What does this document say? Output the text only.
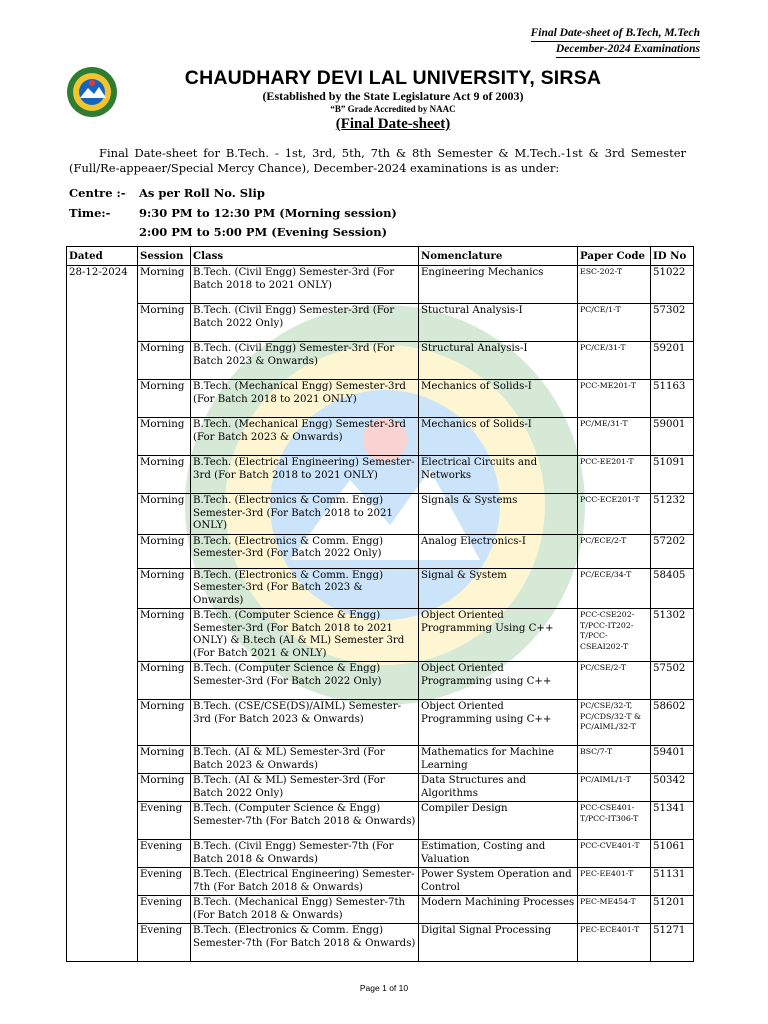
Final Date-sheet of B.Tech, M.Tech
December-2024 Examinations
CHAUDHARY DEVI LAL UNIVERSITY, SIRSA
(Established by the State Legislature Act 9 of 2003)
“B” Grade Accredited by NAAC
(Final Date-sheet)
Final Date-sheet for B.Tech. - 1st, 3rd, 5th, 7th & 8th Semester & M.Tech.-1st & 3rd Semester (Full/Re-appeaer/Special Mercy Chance), December-2024 examinations is as under:
Centre :- As per Roll No. Slip
Time:- 9:30 PM to 12:30 PM (Morning session)
2:00 PM to 5:00 PM (Evening Session)
Dated	Session	Class	Nomenclature	Paper Code	ID No
28-12-2024	Morning	B.Tech. (Civil Engg) Semester-3rd (For Batch 2018 to 2021 ONLY)	Engineering Mechanics	ESC-202-T	51022
	Morning	B.Tech. (Civil Engg) Semester-3rd (For Batch 2022 Only)	Stuctural Analysis-I	PC/CE/1-T	57302
	Morning	B.Tech. (Civil Engg) Semester-3rd (For Batch 2023 & Onwards)	Structural Analysis-I	PC/CE/31-T	59201
	Morning	B.Tech. (Mechanical Engg) Semester-3rd (For Batch 2018 to 2021 ONLY)	Mechanics of Solids-I	PCC-ME201-T	51163
	Morning	B.Tech. (Mechanical Engg) Semester-3rd (For Batch 2023 & Onwards)	Mechanics of Solids-I	PC/ME/31-T	59001
	Morning	B.Tech. (Electrical Engineering) Semester-3rd (For Batch 2018 to 2021 ONLY)	Electrical Circuits and Networks	PCC-EE201-T	51091
	Morning	B.Tech. (Electronics & Comm. Engg) Semester-3rd (For Batch 2018 to 2021 ONLY)	Signals & Systems	PCC-ECE201-T	51232
	Morning	B.Tech. (Electronics & Comm. Engg) Semester-3rd (For Batch 2022 Only)	Analog Electronics-I	PC/ECE/2-T	57202
	Morning	B.Tech. (Electronics & Comm. Engg) Semester-3rd (For Batch 2023 & Onwards)	Signal & System	PC/ECE/34-T	58405
	Morning	B.Tech. (Computer Science & Engg) Semester-3rd (For Batch 2018 to 2021 ONLY) & B.tech (AI & ML) Semester 3rd (For Batch 2021 & ONLY)	Object Oriented Programming Using C++	PCC-CSE202-T/PCC-IT202-T/PCC-CSEAI202-T	51302
	Morning	B.Tech. (Computer Science & Engg) Semester-3rd (For Batch 2022 Only)	Object Oriented Programming using C++	PC/CSE/2-T	57502
	Morning	B.Tech. (CSE/CSE(DS)/AIML) Semester-3rd (For Batch 2023 & Onwards)	Object Oriented Programming using C++	PC/CSE/32-T, PC/CDS/32-T & PC/AIML/32-T	58602
	Morning	B.Tech. (AI & ML) Semester-3rd (For Batch 2023 & Onwards)	Mathematics for Machine Learning	BSC/7-T	59401
	Morning	B.Tech. (AI & ML) Semester-3rd (For Batch 2022 Only)	Data Structures and Algorithms	PC/AIML/1-T	50342
	Evening	B.Tech. (Computer Science & Engg) Semester-7th (For Batch 2018 & Onwards)	Compiler Design	PCC-CSE401-T/PCC-IT306-T	51341
	Evening	B.Tech. (Civil Engg) Semester-7th (For Batch 2018 & Onwards)	Estimation, Costing and Valuation	PCC-CVE401-T	51061
	Evening	B.Tech. (Electrical Engineering) Semester-7th (For Batch 2018 & Onwards)	Power System Operation and Control	PEC-EE401-T	51131
	Evening	B.Tech. (Mechanical Engg) Semester-7th (For Batch 2018 & Onwards)	Modern Machining Processes	PEC-ME454-T	51201
	Evening	B.Tech. (Electronics & Comm. Engg) Semester-7th (For Batch 2018 & Onwards)	Digital Signal Processing	PEC-ECE401-T	51271
Page 1 of 10
